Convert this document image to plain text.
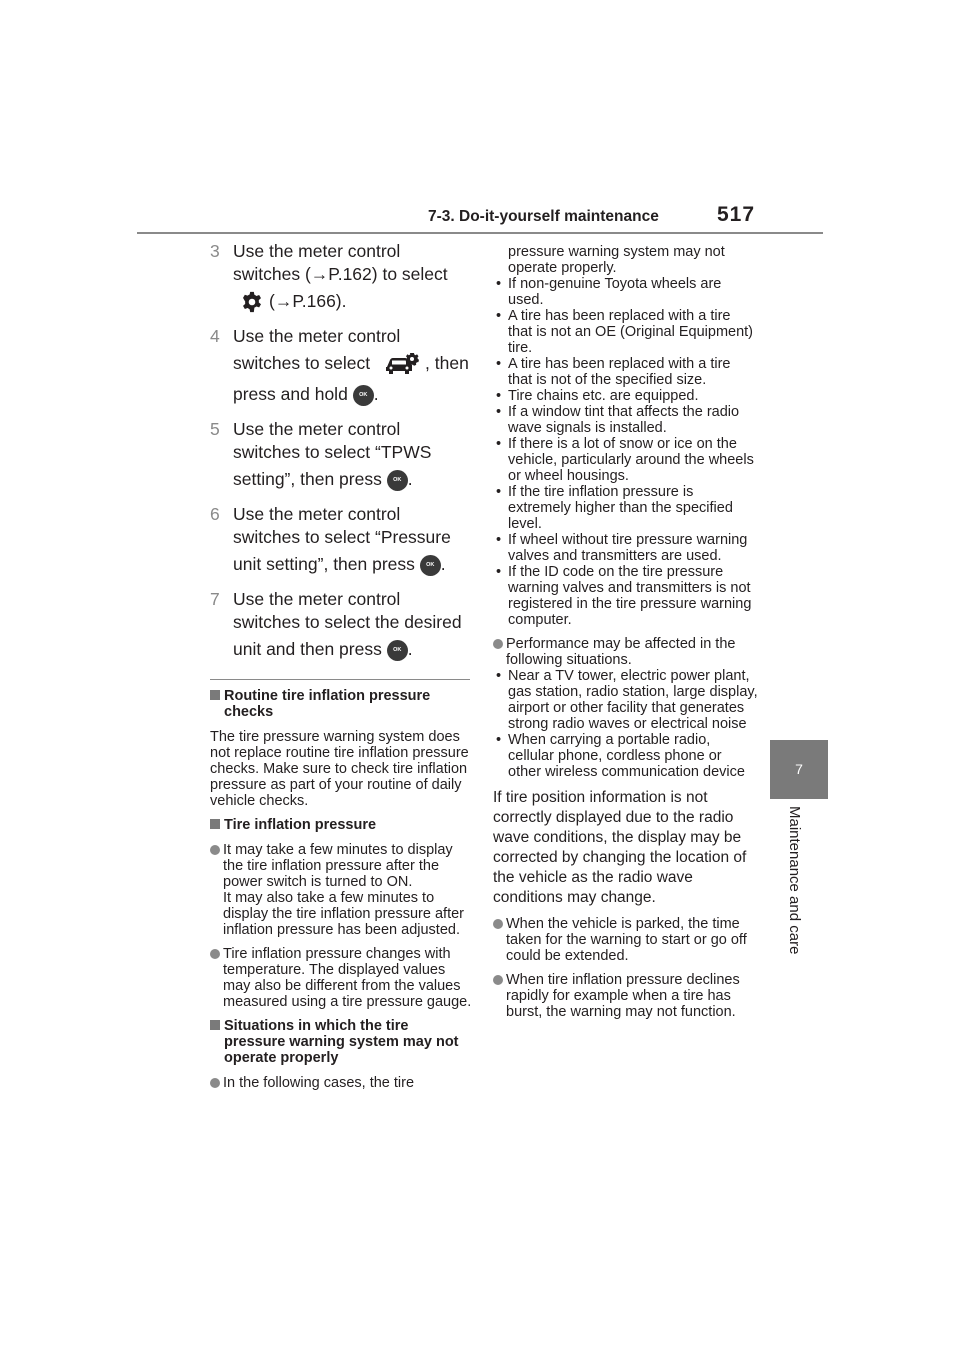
7-3. Do-it-yourself maintenance	517
7
Maintenance and care
3 Use the meter control
switches (→P.162) to select
(→P.166).
4 Use the meter control
switches to select	, then
press and hold OK .
5 Use the meter control
switches to select “TPWS
setting”, then press OK .
6 Use the meter control
switches to select “Pressure
unit setting”, then press OK .
7 Use the meter control
switches to select the desired
unit and then press OK .
Routine tire inflation pressure checks
The tire pressure warning system does not replace routine tire inflation pressure checks. Make sure to check tire inflation pressure as part of your routine of daily vehicle checks.
Tire inflation pressure
It may take a few minutes to display the tire inflation pressure after the power switch is turned to ON.
It may also take a few minutes to display the tire inflation pressure after inflation pressure has been adjusted.
Tire inflation pressure changes with temperature. The displayed values may also be different from the values measured using a tire pressure gauge.
Situations in which the tire pressure warning system may not operate properly
In the following cases, the tire
pressure warning system may not operate properly.
• If non-genuine Toyota wheels are used.
• A tire has been replaced with a tire that is not an OE (Original Equipment) tire.
• A tire has been replaced with a tire that is not of the specified size.
• Tire chains etc. are equipped.
• If a window tint that affects the radio wave signals is installed.
• If there is a lot of snow or ice on the vehicle, particularly around the wheels or wheel housings.
• If the tire inflation pressure is extremely higher than the specified level.
• If wheel without tire pressure warning valves and transmitters are used.
• If the ID code on the tire pressure warning valves and transmitters is not registered in the tire pressure warning computer.
Performance may be affected in the following situations.
• Near a TV tower, electric power plant, gas station, radio station, large display, airport or other facility that generates strong radio waves or electrical noise
• When carrying a portable radio, cellular phone, cordless phone or other wireless communication device
If tire position information is not correctly displayed due to the radio wave conditions, the display may be corrected by changing the location of the vehicle as the radio wave conditions may change.
When the vehicle is parked, the time taken for the warning to start or go off could be extended.
When tire inflation pressure declines rapidly for example when a tire has burst, the warning may not function.
